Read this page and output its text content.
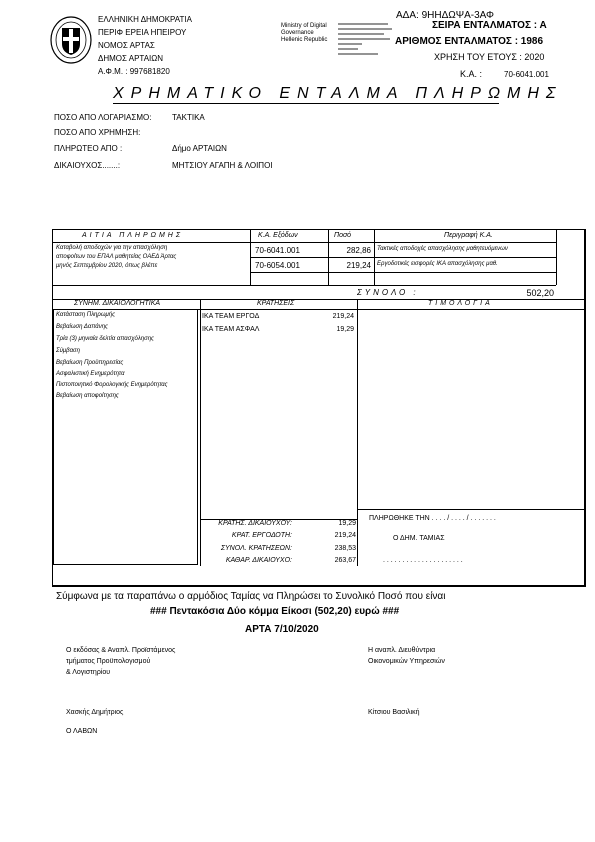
ΕΛΛΗΝΙΚΗ ΔΗΜΟΚΡΑΤΙΑ
ΠΕΡΙΦ ΕΡΕΙΑ ΗΠΕΙΡΟΥ
ΝΟΜΟΣ ΑΡΤΑΣ
ΔΗΜΟΣ ΑΡΤΑΙΩΝ
Α.Φ.Μ. : 997681820
Ministry of Digital
Governance
Hellenic Republic
ΑΔΑ: 9ΗΗΔΩΨΑ-3ΑΦ
ΣΕΙΡΑ ΕΝΤΑΛΜΑΤΟΣ : Α
ΑΡΙΘΜΟΣ ΕΝΤΑΛΜΑΤΟΣ : 1986
ΧΡΗΣΗ ΤΟΥ ΕΤΟΥΣ : 2020
Κ.Α. :	70-6041.001
ΧΡΗΜΑΤΙΚΟ ΕΝΤΑΛΜΑ ΠΛΗΡΩΜΗΣ
ΠΟΣΟ ΑΠΟ ΛΟΓΑΡΙΑΣΜΟ:	ΤΑΚΤΙΚΑ
ΠΟΣΟ ΑΠΟ ΧΡΗΜΗΣΗ:
ΠΛΗΡΩΤΕΟ ΑΠΟ :	Δήμο ΑΡΤΑΙΩΝ
ΔΙΚΑΙΟΥΧΟΣ.......:	ΜΗΤΣΙΟΥ ΑΓΑΠΗ & ΛΟΙΠΟΙ
ΑΙΤΙΑ ΠΛΗΡΩΜΗΣ	Κ.Α. Εξόδων	Ποσό	Περιγραφή Κ.Α.
Καταβολή αποδοχών για την απασχόληση
αποφοίτων του ΕΠΑΛ μαθητείας ΟΑΕΔ Άρτας
μηνός Σεπτεμβρίου 2020, όπως βλέπε
70-6041.001	282,86 Τακτικές αποδοχές απασχόλησης μαθητευόμενων
70-6054.001	219,24 Εργοδοτικές εισφορές ΙΚΑ απασχόλησης μαθ.
ΣΥΝΟΛΟ :	502,20
ΣΥΝΗΜ. ΔΙΚΑΙΟΛΟΓΗΤΙΚΑ	ΚΡΑΤΗΣΕΙΣ	ΤΙΜΟΛΟΓΙΑ
Κατάσταση Πληρωμής
Βεβαίωση Δαπάνης
Τρία (3) μηνιαία δελτία απασχόλησης
Σύμβαση
Βεβαίωση Προϋπηρεσίας
Ασφαλιστική Ενημερότητα
Πιστοποιητικό Φορολογικής Ενημερότητας
Βεβαίωση αποφοίτησης
ΙΚΑ ΤΕΑΜ ΕΡΓΟΔ	219,24
ΙΚΑ ΤΕΑΜ ΑΣΦΑΛ	19,29
ΚΡΑΤΗΣ. ΔΙΚΑΙΟΥΧΟΥ:	19,29
ΚΡΑΤ. ΕΡΓΟΔΟΤΗ:	219,24
ΣΥΝΟΛ. ΚΡΑΤΗΣΕΩΝ:	238,53
ΚΑΘΑΡ. ΔΙΚΑΙΟΥΧΟ:	263,67
ΠΛΗΡΩΘΗΚΕ ΤΗΝ . . . . / . . . . / . . . . . . .
Ο ΔΗΜ. ΤΑΜΙΑΣ
. . . . . . . . . . . . . . . . . . . . .
Σύμφωνα με τα παραπάνω ο αρμόδιος Ταμίας να Πληρώσει το Συνολικό Ποσό που είναι
### Πεντακόσια Δύο κόμμα Είκοσι (502,20) ευρώ ###
ΑΡΤΑ 7/10/2020
Ο εκδόσας & Αναπλ. Προϊστάμενος
τμήματος Προϋπολογισμού
& Λογιστηρίου
Η αναπλ. Διευθύντρια
Οικονομικών Υπηρεσιών
Χασκής Δημήτριος	Κίτσιου Βασιλική
Ο ΛΑΒΩΝ
